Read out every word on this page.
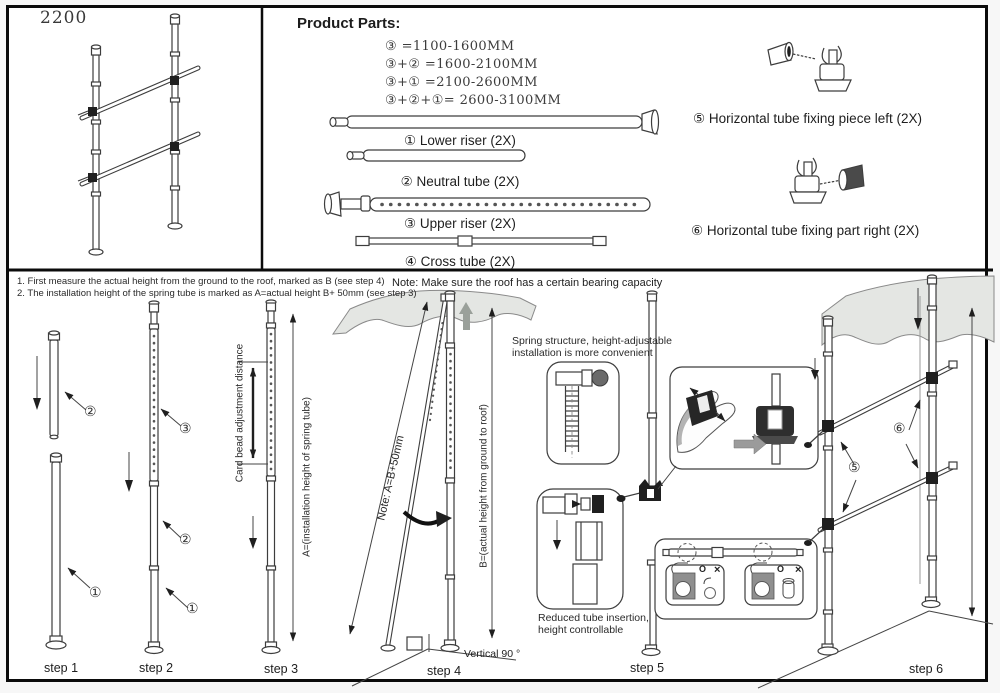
2200	Product Parts:
③ =1100-1600MM
③+② =1600-2100MM
③+① =2100-2600MM
③+②+①= 2600-3100MM
① Lower riser (2X)
② Neutral tube (2X)
③ Upper riser (2X)
④ Cross tube (2X)
⑤ Horizontal tube fixing piece left (2X)
⑥ Horizontal tube fixing part right (2X)
1. First measure the actual height from the ground to the roof, marked as B (see step 4)
2. The installation height of the spring tube is marked as A=actual height B+ 50mm (see step 3)
Note: Make sure the roof has a certain bearing capacity
Spring structure, height-adjustable installation is more convenient
Reduced tube insertion, height controllable
Card bead adjustment distance	A=(installation height of spring tube)	Note: A=B+50mm	B=(actual height from ground to roof)
Vertical 90 °
step 1	step 2	step 3	step 4	step 5	step 6
②
①
③
②
①
⑤
⑥
O ×	O ×
